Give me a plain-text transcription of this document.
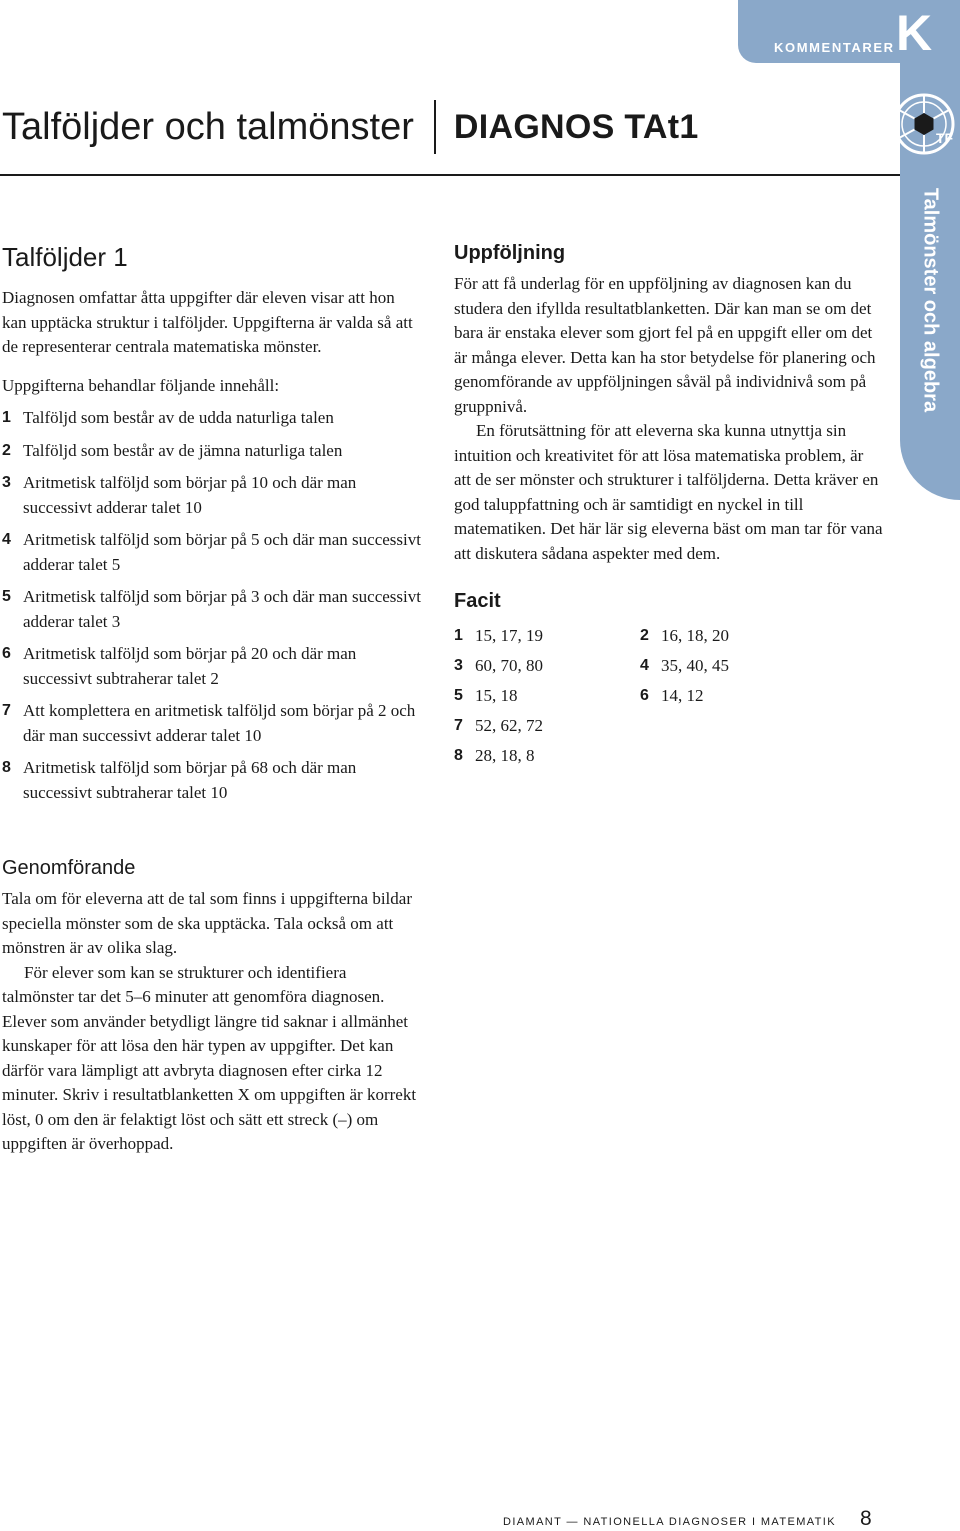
KOMMENTARER K
TF
Talmönster och algebra
Talföljder och talmönster DIAGNOS TAt1
Talföljder 1

Diagnosen omfattar åtta uppgifter där eleven visar att hon kan upptäcka struktur i talföljder. Uppgifterna är valda så att de representerar centrala matematiska mönster.

Uppgifterna behandlar följande innehåll:

1 Talföljd som består av de udda naturliga talen
2 Talföljd som består av de jämna naturliga talen
3 Aritmetisk talföljd som börjar på 10 och där man successivt adderar talet 10
4 Aritmetisk talföljd som börjar på 5 och där man successivt adderar talet 5
5 Aritmetisk talföljd som börjar på 3 och där man successivt adderar talet 3
6 Aritmetisk talföljd som börjar på 20 och där man successivt subtraherar talet 2
7 Att komplettera en aritmetisk talföljd som börjar på 2 och där man successivt adderar talet 10
8 Aritmetisk talföljd som börjar på 68 och där man successivt subtraherar talet 10
Genomförande

Tala om för eleverna att de tal som finns i uppgifterna bildar speciella mönster som de ska upptäcka. Tala också om att mönstren är av olika slag.

För elever som kan se strukturer och identifiera talmönster tar det 5–6 minuter att genomföra diagnosen. Elever som använder betydligt längre tid saknar i allmänhet kunskaper för att lösa den här typen av uppgifter. Det kan därför vara lämpligt att avbryta diagnosen efter cirka 12 minuter. Skriv i resultatblanketten X om uppgiften är korrekt löst, 0 om den är felaktigt löst och sätt ett streck (–) om uppgiften är överhoppad.

Uppföljning

För att få underlag för en uppföljning av diagnosen kan du studera den ifyllda resultatblanketten. Där kan man se om det bara är enstaka elever som gjort fel på en uppgift eller om det är många elever. Detta kan ha stor betydelse för planering och genomförande av uppföljningen såväl på individnivå som på gruppnivå.

En förutsättning för att eleverna ska kunna utnyttja sin intuition och kreativitet för att lösa matematiska problem, är att de ser mönster och strukturer i talföljderna. Detta kräver en god taluppfattning och är samtidigt en nyckel in till matematiken. Det här lär sig eleverna bäst om man tar för vana att diskutera sådana aspekter med dem.

Facit
1 15, 17, 19	2 16, 18, 20
3 60, 70, 80	4 35, 40, 45
5 15, 18	6 14, 12
7 52, 62, 72
8 28, 18, 8
DIAMANT — NATIONELLA DIAGNOSER I MATEMATIK 8
